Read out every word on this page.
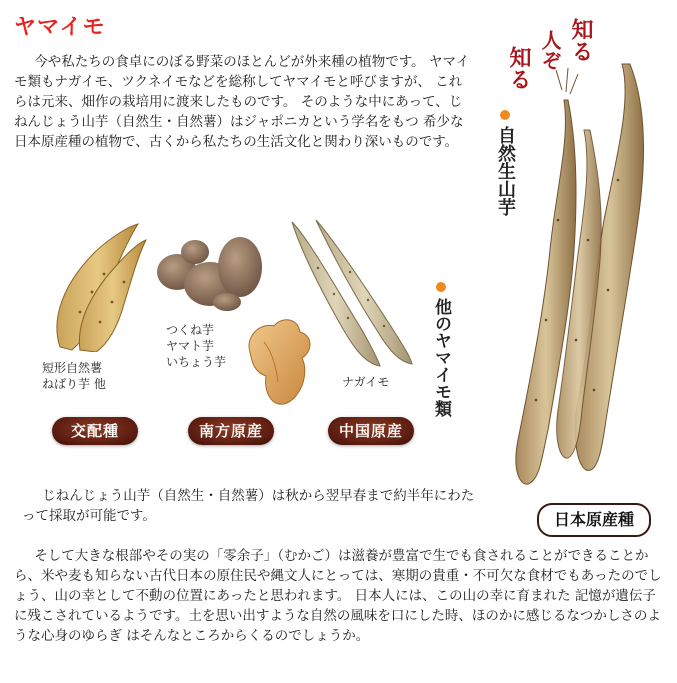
ヤマイモ

今や私たちの食卓にのぼる野菜のほとんどが外来種の植物です。 ヤマイモ類もナガイモ、ツクネイモなどを総称してヤマイモと呼びますが、 これらは元来、畑作の栽培用に渡来したものです。 そのような中にあって、じねんじょう山芋（自然生・自然薯）はジャポニカという学名をもつ 希少な日本原産種の植物で、古くから私たちの生活文化と関わり深いものです。

短形自然薯
ねばり芋 他
交配種
つくね芋
ヤマト芋
いちょう芋
南方原産
ナガイモ
中国原産
他のヤマイモ類
知る
人ぞ
知る
自然生山芋
日本原産種

じねんじょう山芋（自然生・自然薯）は秋から翌早春まで約半年にわたって採取が可能です。

そして大きな根部やその実の「零余子」（むかご）は滋養が豊富で生でも食されることができることから、米や麦も知らない古代日本の原住民や縄文人にとっては、寒期の貴重・不可欠な食材でもあったのでしょう、山の幸として不動の位置にあったと思われます。 日本人には、この山の幸に育まれた 記憶が遺伝子に残こされているようです。土を思い出すような自然の風味を口にした時、ほのかに感じるなつかしさのような心身のゆらぎ はそんなところからくるのでしょうか。
